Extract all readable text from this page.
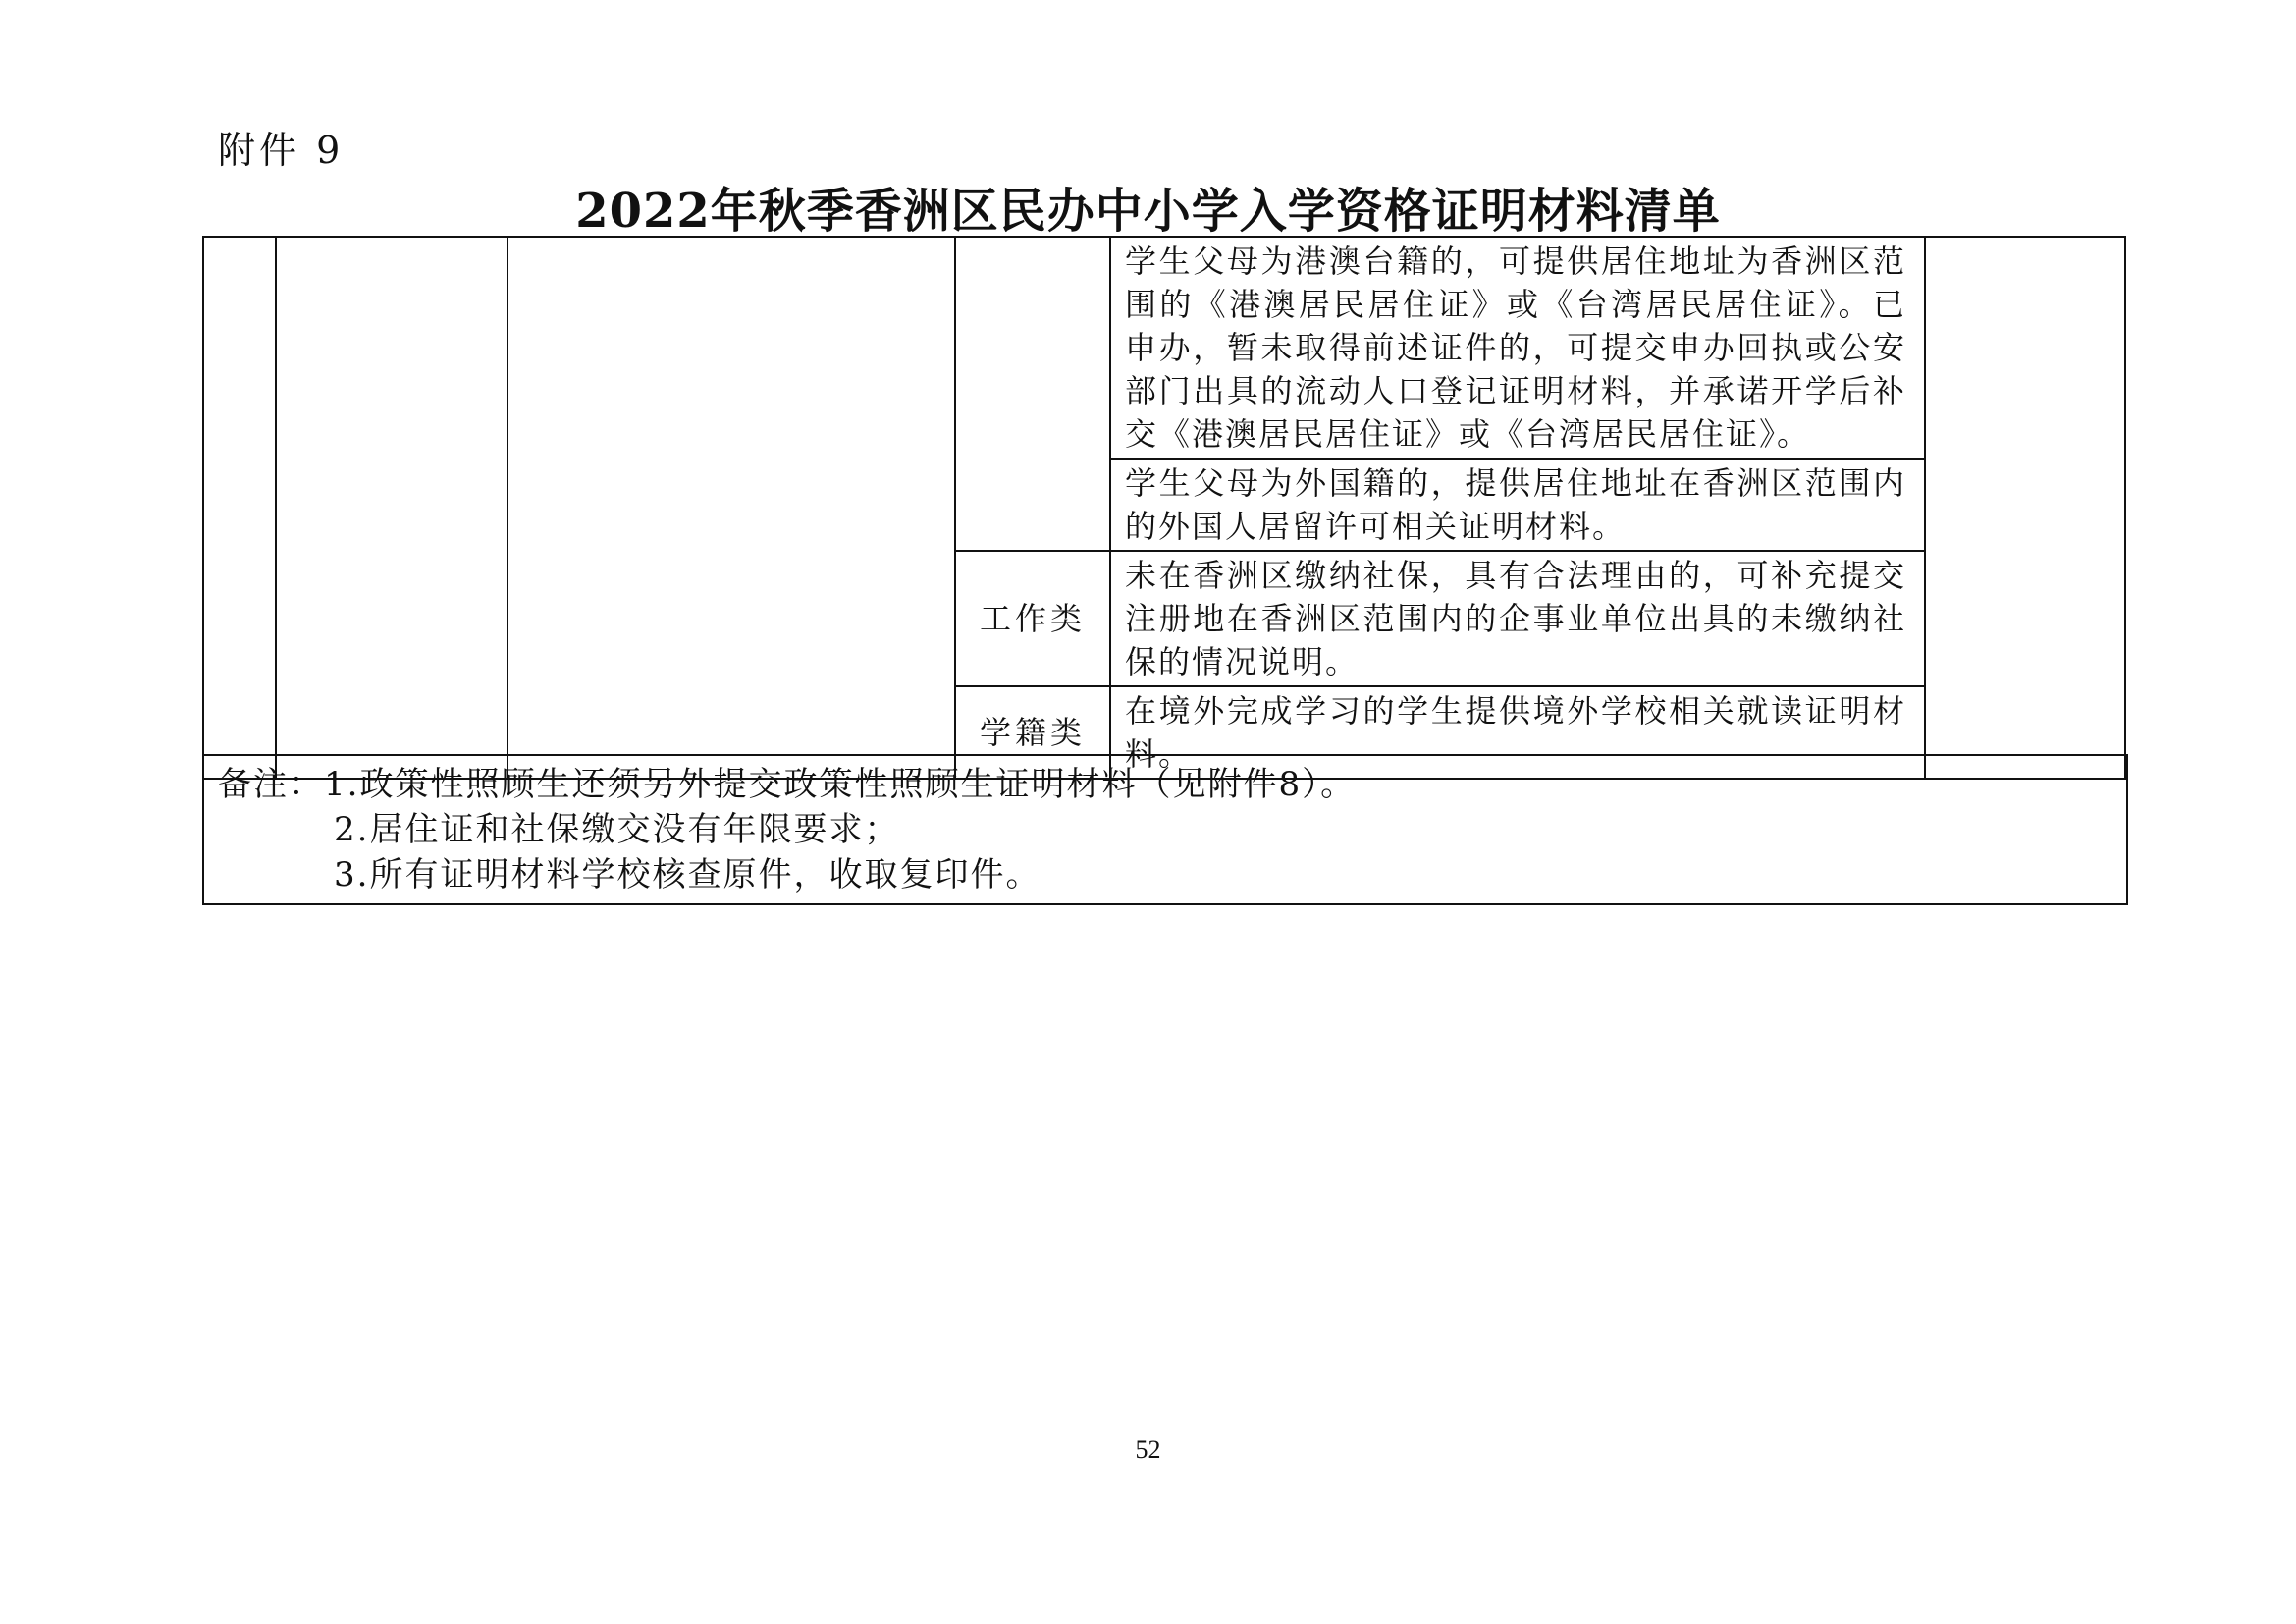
附件 9
2022年秋季香洲区民办中小学入学资格证明材料清单
				学生父母为港澳台籍的，可提供居住地址为香洲区范围的《港澳居民居住证》或《台湾居民居住证》。已申办，暂未取得前述证件的，可提交申办回执或公安部门出具的流动人口登记证明材料，并承诺开学后补交《港澳居民居住证》或《台湾居民居住证》。	
				学生父母为外国籍的，提供居住地址在香洲区范围内的外国人居留许可相关证明材料。	
			工作类	未在香洲区缴纳社保，具有合法理由的，可补充提交注册地在香洲区范围内的企事业单位出具的未缴纳社保的情况说明。	
			学籍类	在境外完成学习的学生提供境外学校相关就读证明材料。	
备注：1.政策性照顾生还须另外提交政策性照顾生证明材料（见附件8）。
2.居住证和社保缴交没有年限要求；
3.所有证明材料学校核查原件，收取复印件。
52
